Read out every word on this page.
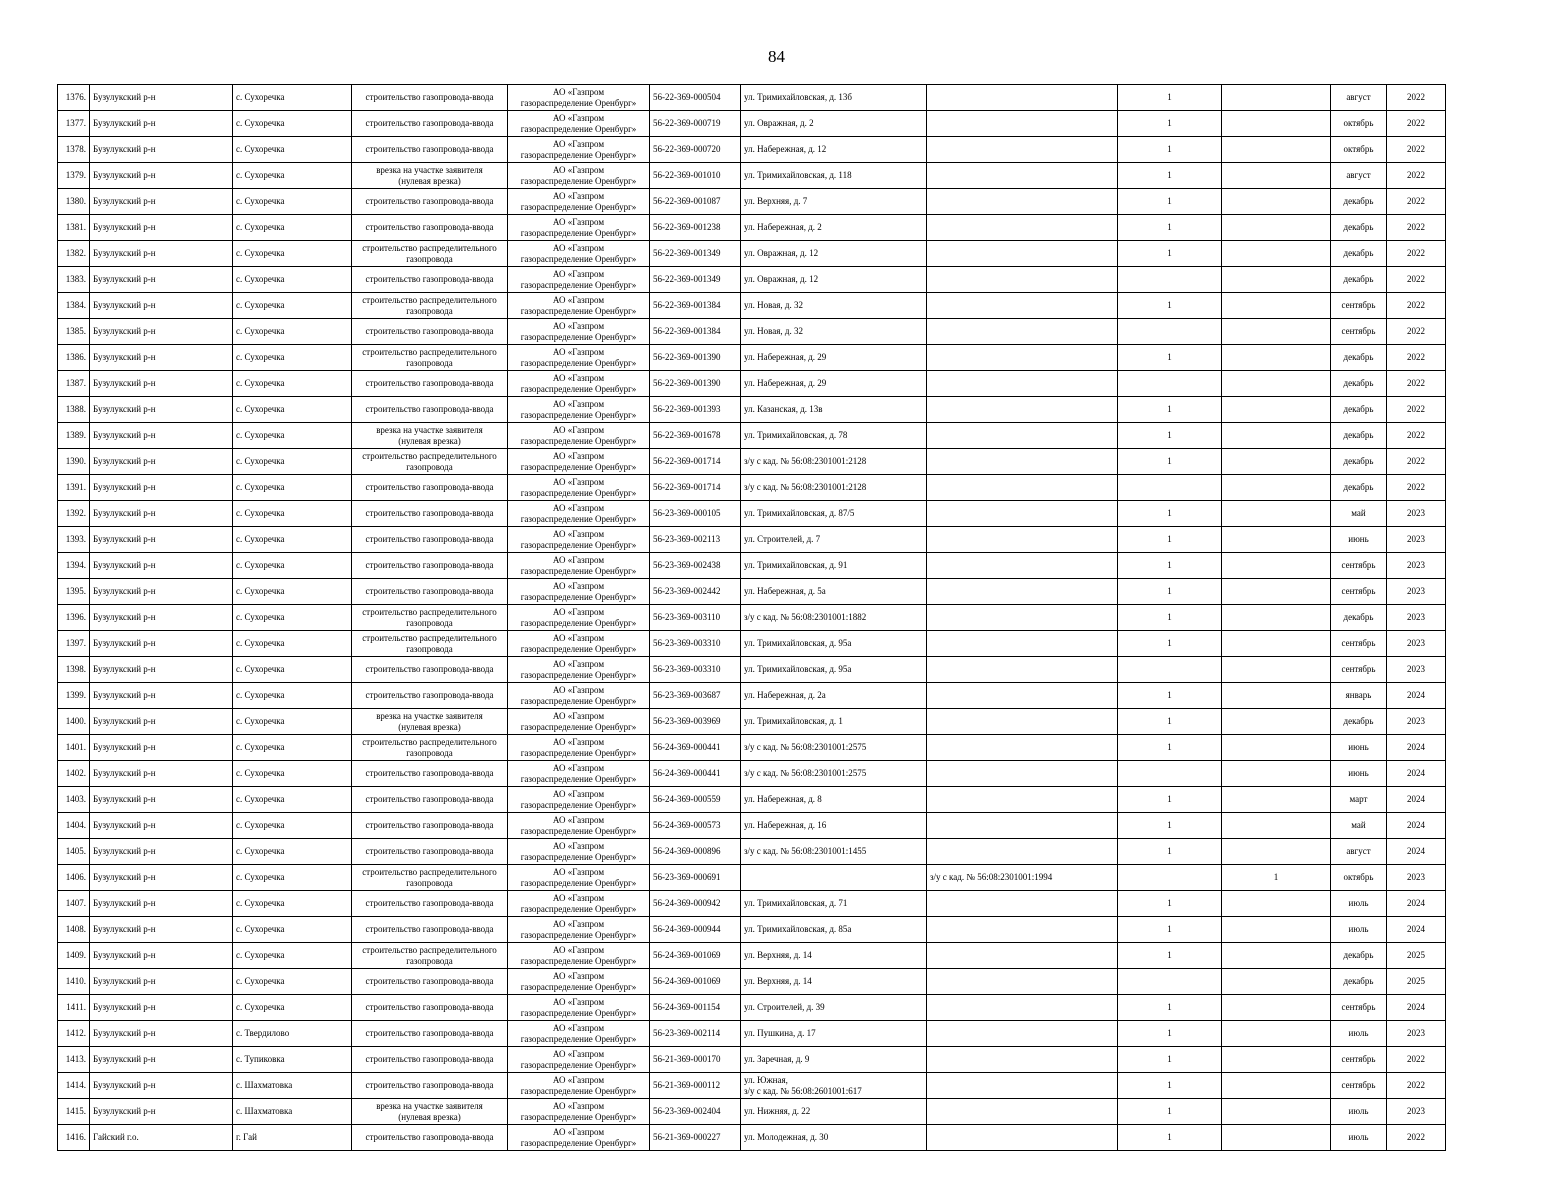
84
1376.	Бузулукский р-н	с. Сухоречка	строительство газопровода-ввода	АО «Газпром
газораспределение Оренбург»	56-22-369-000504	ул. Тримихайловская, д. 13б		1		август	2022
1377.	Бузулукский р-н	с. Сухоречка	строительство газопровода-ввода	АО «Газпром
газораспределение Оренбург»	56-22-369-000719	ул. Овражная, д. 2		1		октябрь	2022
1378.	Бузулукский р-н	с. Сухоречка	строительство газопровода-ввода	АО «Газпром
газораспределение Оренбург»	56-22-369-000720	ул. Набережная, д. 12		1		октябрь	2022
1379.	Бузулукский р-н	с. Сухоречка	врезка на участке заявителя
(нулевая врезка)	АО «Газпром
газораспределение Оренбург»	56-22-369-001010	ул. Тримихайловская, д. 118		1		август	2022
1380.	Бузулукский р-н	с. Сухоречка	строительство газопровода-ввода	АО «Газпром
газораспределение Оренбург»	56-22-369-001087	ул. Верхняя, д. 7		1		декабрь	2022
1381.	Бузулукский р-н	с. Сухоречка	строительство газопровода-ввода	АО «Газпром
газораспределение Оренбург»	56-22-369-001238	ул. Набережная, д. 2		1		декабрь	2022
1382.	Бузулукский р-н	с. Сухоречка	строительство распределительного
газопровода	АО «Газпром
газораспределение Оренбург»	56-22-369-001349	ул. Овражная, д. 12		1		декабрь	2022
1383.	Бузулукский р-н	с. Сухоречка	строительство газопровода-ввода	АО «Газпром
газораспределение Оренбург»	56-22-369-001349	ул. Овражная, д. 12				декабрь	2022
1384.	Бузулукский р-н	с. Сухоречка	строительство распределительного
газопровода	АО «Газпром
газораспределение Оренбург»	56-22-369-001384	ул. Новая, д. 32		1		сентябрь	2022
1385.	Бузулукский р-н	с. Сухоречка	строительство газопровода-ввода	АО «Газпром
газораспределение Оренбург»	56-22-369-001384	ул. Новая, д. 32				сентябрь	2022
1386.	Бузулукский р-н	с. Сухоречка	строительство распределительного
газопровода	АО «Газпром
газораспределение Оренбург»	56-22-369-001390	ул. Набережная, д. 29		1		декабрь	2022
1387.	Бузулукский р-н	с. Сухоречка	строительство газопровода-ввода	АО «Газпром
газораспределение Оренбург»	56-22-369-001390	ул. Набережная, д. 29				декабрь	2022
1388.	Бузулукский р-н	с. Сухоречка	строительство газопровода-ввода	АО «Газпром
газораспределение Оренбург»	56-22-369-001393	ул. Казанская, д. 13в		1		декабрь	2022
1389.	Бузулукский р-н	с. Сухоречка	врезка на участке заявителя
(нулевая врезка)	АО «Газпром
газораспределение Оренбург»	56-22-369-001678	ул. Тримихайловская, д. 78		1		декабрь	2022
1390.	Бузулукский р-н	с. Сухоречка	строительство распределительного
газопровода	АО «Газпром
газораспределение Оренбург»	56-22-369-001714	з/у с кад. № 56:08:2301001:2128		1		декабрь	2022
1391.	Бузулукский р-н	с. Сухоречка	строительство газопровода-ввода	АО «Газпром
газораспределение Оренбург»	56-22-369-001714	з/у с кад. № 56:08:2301001:2128				декабрь	2022
1392.	Бузулукский р-н	с. Сухоречка	строительство газопровода-ввода	АО «Газпром
газораспределение Оренбург»	56-23-369-000105	ул. Тримихайловская, д. 87/5		1		май	2023
1393.	Бузулукский р-н	с. Сухоречка	строительство газопровода-ввода	АО «Газпром
газораспределение Оренбург»	56-23-369-002113	ул. Строителей, д. 7		1		июнь	2023
1394.	Бузулукский р-н	с. Сухоречка	строительство газопровода-ввода	АО «Газпром
газораспределение Оренбург»	56-23-369-002438	ул. Тримихайловская, д. 91		1		сентябрь	2023
1395.	Бузулукский р-н	с. Сухоречка	строительство газопровода-ввода	АО «Газпром
газораспределение Оренбург»	56-23-369-002442	ул. Набережная, д. 5а		1		сентябрь	2023
1396.	Бузулукский р-н	с. Сухоречка	строительство распределительного
газопровода	АО «Газпром
газораспределение Оренбург»	56-23-369-003110	з/у с кад. № 56:08:2301001:1882		1		декабрь	2023
1397.	Бузулукский р-н	с. Сухоречка	строительство распределительного
газопровода	АО «Газпром
газораспределение Оренбург»	56-23-369-003310	ул. Тримихайловская, д. 95а		1		сентябрь	2023
1398.	Бузулукский р-н	с. Сухоречка	строительство газопровода-ввода	АО «Газпром
газораспределение Оренбург»	56-23-369-003310	ул. Тримихайловская, д. 95а				сентябрь	2023
1399.	Бузулукский р-н	с. Сухоречка	строительство газопровода-ввода	АО «Газпром
газораспределение Оренбург»	56-23-369-003687	ул. Набережная, д. 2а		1		январь	2024
1400.	Бузулукский р-н	с. Сухоречка	врезка на участке заявителя
(нулевая врезка)	АО «Газпром
газораспределение Оренбург»	56-23-369-003969	ул. Тримихайловская, д. 1		1		декабрь	2023
1401.	Бузулукский р-н	с. Сухоречка	строительство распределительного
газопровода	АО «Газпром
газораспределение Оренбург»	56-24-369-000441	з/у с кад. № 56:08:2301001:2575		1		июнь	2024
1402.	Бузулукский р-н	с. Сухоречка	строительство газопровода-ввода	АО «Газпром
газораспределение Оренбург»	56-24-369-000441	з/у с кад. № 56:08:2301001:2575				июнь	2024
1403.	Бузулукский р-н	с. Сухоречка	строительство газопровода-ввода	АО «Газпром
газораспределение Оренбург»	56-24-369-000559	ул. Набережная, д. 8		1		март	2024
1404.	Бузулукский р-н	с. Сухоречка	строительство газопровода-ввода	АО «Газпром
газораспределение Оренбург»	56-24-369-000573	ул. Набережная, д. 16		1		май	2024
1405.	Бузулукский р-н	с. Сухоречка	строительство газопровода-ввода	АО «Газпром
газораспределение Оренбург»	56-24-369-000896	з/у с кад. № 56:08:2301001:1455		1		август	2024
1406.	Бузулукский р-н	с. Сухоречка	строительство распределительного
газопровода	АО «Газпром
газораспределение Оренбург»	56-23-369-000691		з/у с кад. № 56:08:2301001:1994		1	октябрь	2023
1407.	Бузулукский р-н	с. Сухоречка	строительство газопровода-ввода	АО «Газпром
газораспределение Оренбург»	56-24-369-000942	ул. Тримихайловская, д. 71		1		июль	2024
1408.	Бузулукский р-н	с. Сухоречка	строительство газопровода-ввода	АО «Газпром
газораспределение Оренбург»	56-24-369-000944	ул. Тримихайловская, д. 85а		1		июль	2024
1409.	Бузулукский р-н	с. Сухоречка	строительство распределительного
газопровода	АО «Газпром
газораспределение Оренбург»	56-24-369-001069	ул. Верхняя, д. 14		1		декабрь	2025
1410.	Бузулукский р-н	с. Сухоречка	строительство газопровода-ввода	АО «Газпром
газораспределение Оренбург»	56-24-369-001069	ул. Верхняя, д. 14				декабрь	2025
1411.	Бузулукский р-н	с. Сухоречка	строительство газопровода-ввода	АО «Газпром
газораспределение Оренбург»	56-24-369-001154	ул. Строителей, д. 39		1		сентябрь	2024
1412.	Бузулукский р-н	с. Твердилово	строительство газопровода-ввода	АО «Газпром
газораспределение Оренбург»	56-23-369-002114	ул. Пушкина, д. 17		1		июль	2023
1413.	Бузулукский р-н	с. Тупиковка	строительство газопровода-ввода	АО «Газпром
газораспределение Оренбург»	56-21-369-000170	ул. Заречная, д. 9		1		сентябрь	2022
1414.	Бузулукский р-н	с. Шахматовка	строительство газопровода-ввода	АО «Газпром
газораспределение Оренбург»	56-21-369-000112	ул. Южная,
з/у с кад. № 56:08:2601001:617		1		сентябрь	2022
1415.	Бузулукский р-н	с. Шахматовка	врезка на участке заявителя
(нулевая врезка)	АО «Газпром
газораспределение Оренбург»	56-23-369-002404	ул. Нижняя, д. 22		1		июль	2023
1416.	Гайский г.о.	г. Гай	строительство газопровода-ввода	АО «Газпром
газораспределение Оренбург»	56-21-369-000227	ул. Молодежная, д. 30		1		июль	2022
